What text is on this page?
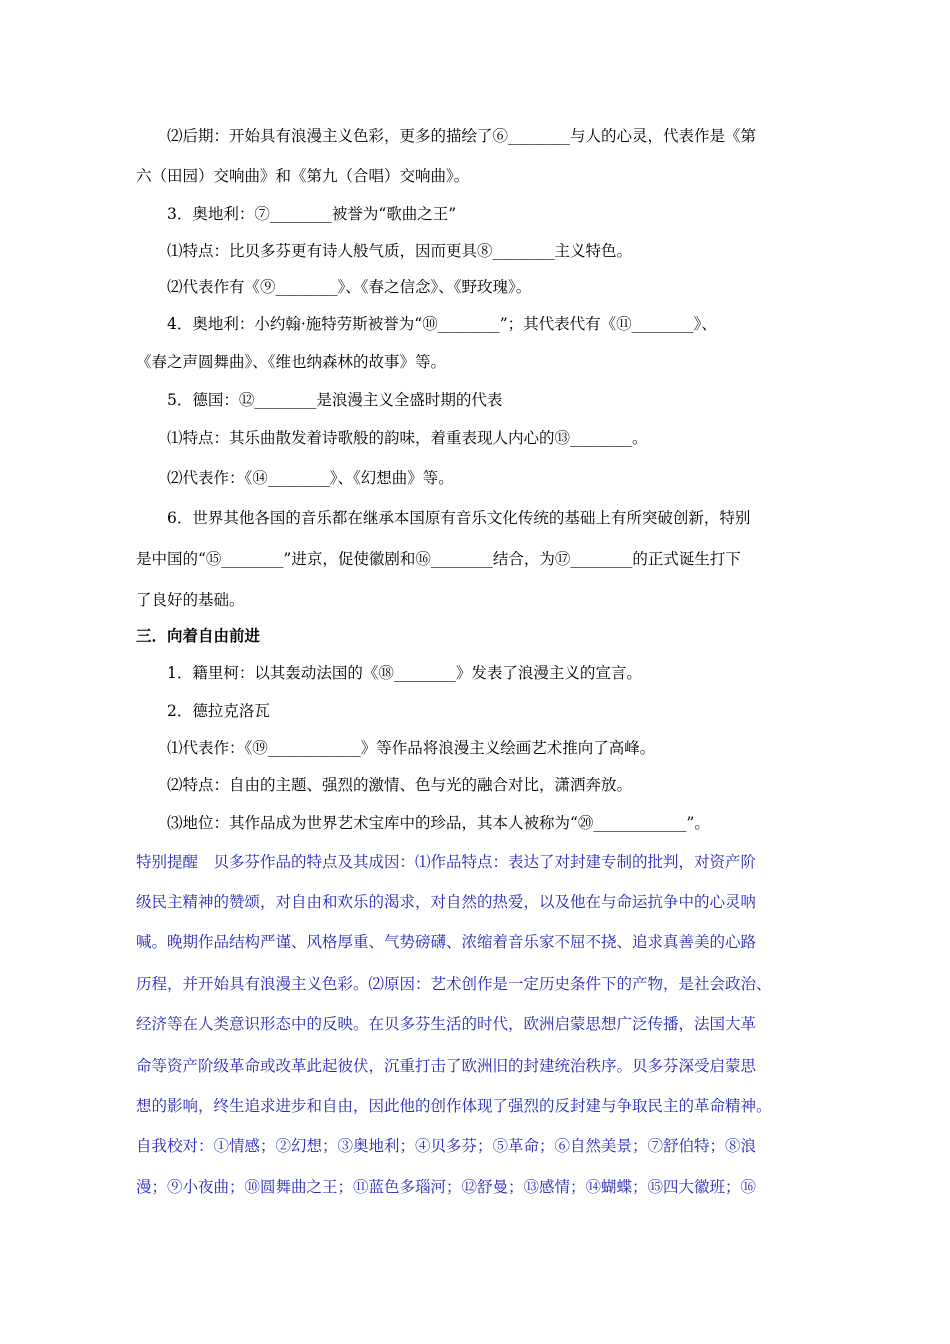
⑵后期：开始具有浪漫主义色彩，更多的描绘了⑥________与人的心灵，代表作是《第
六（田园）交响曲》和《第九（合唱）交响曲》。
3．奥地利：⑦________被誉为“歌曲之王”
⑴特点：比贝多芬更有诗人般气质，因而更具⑧________主义特色。
⑵代表作有《⑨________》、《春之信念》、《野玫瑰》。
4．奥地利：小约翰·施特劳斯被誉为“⑩________”；其代表代有《⑪________》、
《春之声圆舞曲》、《维也纳森林的故事》等。
5．德国：⑫________是浪漫主义全盛时期的代表
⑴特点：其乐曲散发着诗歌般的韵味，着重表现人内心的⑬________。
⑵代表作：《⑭________》、《幻想曲》等。
6．世界其他各国的音乐都在继承本国原有音乐文化传统的基础上有所突破创新，特别
是中国的“⑮________”进京，促使徽剧和⑯________结合，为⑰________的正式诞生打下
了良好的基础。
三．向着自由前进
1．籍里柯：以其轰动法国的《⑱________》发表了浪漫主义的宣言。
2．德拉克洛瓦
⑴代表作：《⑲____________》等作品将浪漫主义绘画艺术推向了高峰。
⑵特点：自由的主题、强烈的激情、色与光的融合对比，潇洒奔放。
⑶地位：其作品成为世界艺术宝库中的珍品，其本人被称为“⑳____________”。
特别提醒　贝多芬作品的特点及其成因：⑴作品特点：表达了对封建专制的批判，对资产阶
级民主精神的赞颂，对自由和欢乐的渴求，对自然的热爱，以及他在与命运抗争中的心灵呐
喊。晚期作品结构严谨、风格厚重、气势磅礴、浓缩着音乐家不屈不挠、追求真善美的心路
历程，并开始具有浪漫主义色彩。⑵原因：艺术创作是一定历史条件下的产物，是社会政治、
经济等在人类意识形态中的反映。在贝多芬生活的时代，欧洲启蒙思想广泛传播，法国大革
命等资产阶级革命或改革此起彼伏，沉重打击了欧洲旧的封建统治秩序。贝多芬深受启蒙思
想的影响，终生追求进步和自由，因此他的创作体现了强烈的反封建与争取民主的革命精神。
自我校对：①情感；②幻想；③奥地利；④贝多芬；⑤革命；⑥自然美景；⑦舒伯特；⑧浪
漫；⑨小夜曲；⑩圆舞曲之王；⑪蓝色多瑙河；⑫舒曼；⑬感情；⑭蝴蝶；⑮四大徽班；⑯
